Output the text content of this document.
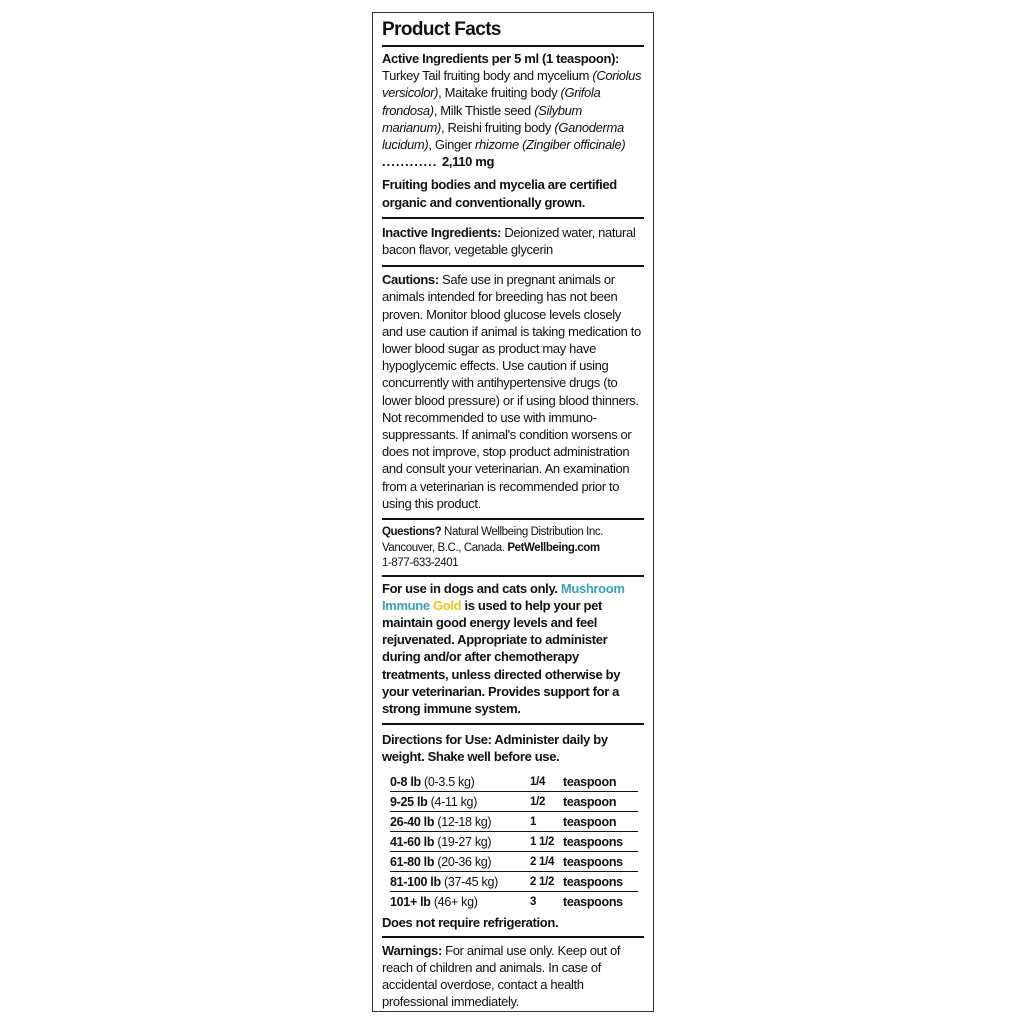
Product Facts
Active Ingredients per 5 ml (1 teaspoon):
Turkey Tail fruiting body and mycelium (Coriolus versicolor), Maitake fruiting body (Grifola frondosa), Milk Thistle seed (Silybum marianum), Reishi fruiting body (Ganoderma lucidum), Ginger rhizome (Zingiber officinale) ............ 2,110 mg
Fruiting bodies and mycelia are certified organic and conventionally grown.
Inactive Ingredients: Deionized water, natural bacon flavor, vegetable glycerin
Cautions: Safe use in pregnant animals or animals intended for breeding has not been proven. Monitor blood glucose levels closely and use caution if animal is taking medication to lower blood sugar as product may have hypoglycemic effects. Use caution if using concurrently with antihypertensive drugs (to lower blood pressure) or if using blood thinners. Not recommended to use with immuno- suppressants. If animal's condition worsens or does not improve, stop product administration and consult your veterinarian. An examination from a veterinarian is recommended prior to using this product.
Questions? Natural Wellbeing Distribution Inc.
Vancouver, B.C., Canada. PetWellbeing.com
1-877-633-2401
For use in dogs and cats only. Mushroom Immune Gold is used to help your pet maintain good energy levels and feel rejuvenated. Appropriate to administer during and/or after chemotherapy treatments, unless directed otherwise by your veterinarian. Provides support for a strong immune system.
Directions for Use: Administer daily by weight. Shake well before use.
0-8 lb (0-3.5 kg)	1/4	teaspoon
9-25 lb (4-11 kg)	1/2	teaspoon
26-40 lb (12-18 kg)	1	teaspoon
41-60 lb (19-27 kg)	1 1/2	teaspoons
61-80 lb (20-36 kg)	2 1/4	teaspoons
81-100 lb (37-45 kg)	2 1/2	teaspoons
101+ lb (46+ kg)	3	teaspoons
Does not require refrigeration.
Warnings: For animal use only. Keep out of reach of children and animals. In case of accidental overdose, contact a health professional immediately.
